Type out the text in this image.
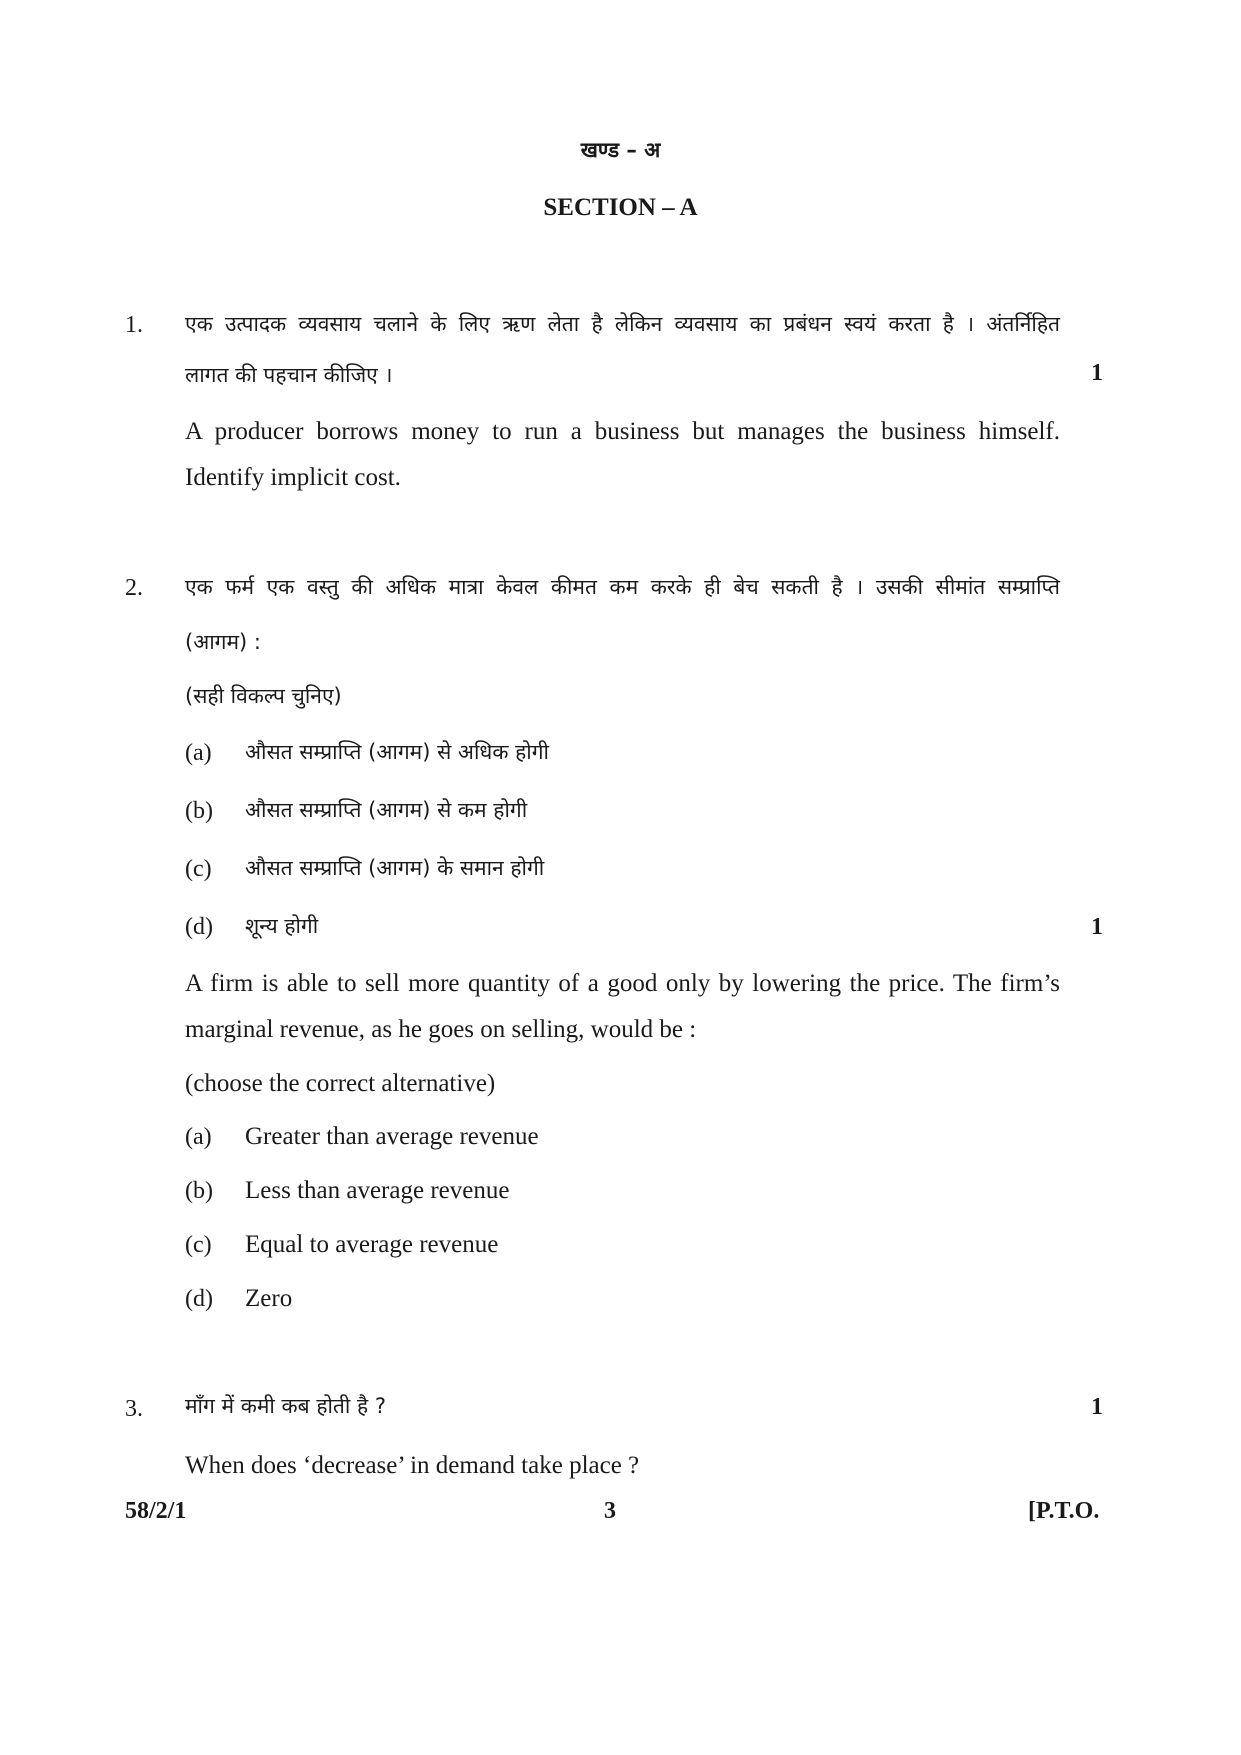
खण्ड – अ
SECTION – A
1. एक उत्पादक व्यवसाय चलाने के लिए ऋण लेता है लेकिन व्यवसाय का प्रबंधन स्वयं करता है । अंतर्निहित
लागत की पहचान कीजिए ।	1
A producer borrows money to run a business but manages the business himself.
Identify implicit cost.
2. एक फर्म एक वस्तु की अधिक मात्रा केवल कीमत कम करके ही बेच सकती है । उसकी सीमांत सम्प्राप्ति
(आगम) :
(सही विकल्प चुनिए)
(a) औसत सम्प्राप्ति (आगम) से अधिक होगी
(b) औसत सम्प्राप्ति (आगम) से कम होगी
(c) औसत सम्प्राप्ति (आगम) के समान होगी
(d) शून्य होगी	1
A firm is able to sell more quantity of a good only by lowering the price. The firm’s
marginal revenue, as he goes on selling, would be :
(choose the correct alternative)
(a) Greater than average revenue
(b) Less than average revenue
(c) Equal to average revenue
(d) Zero
3. माँग में कमी कब होती है ?	1
When does ‘decrease’ in demand take place ?
58/2/1	3	[P.T.O.
